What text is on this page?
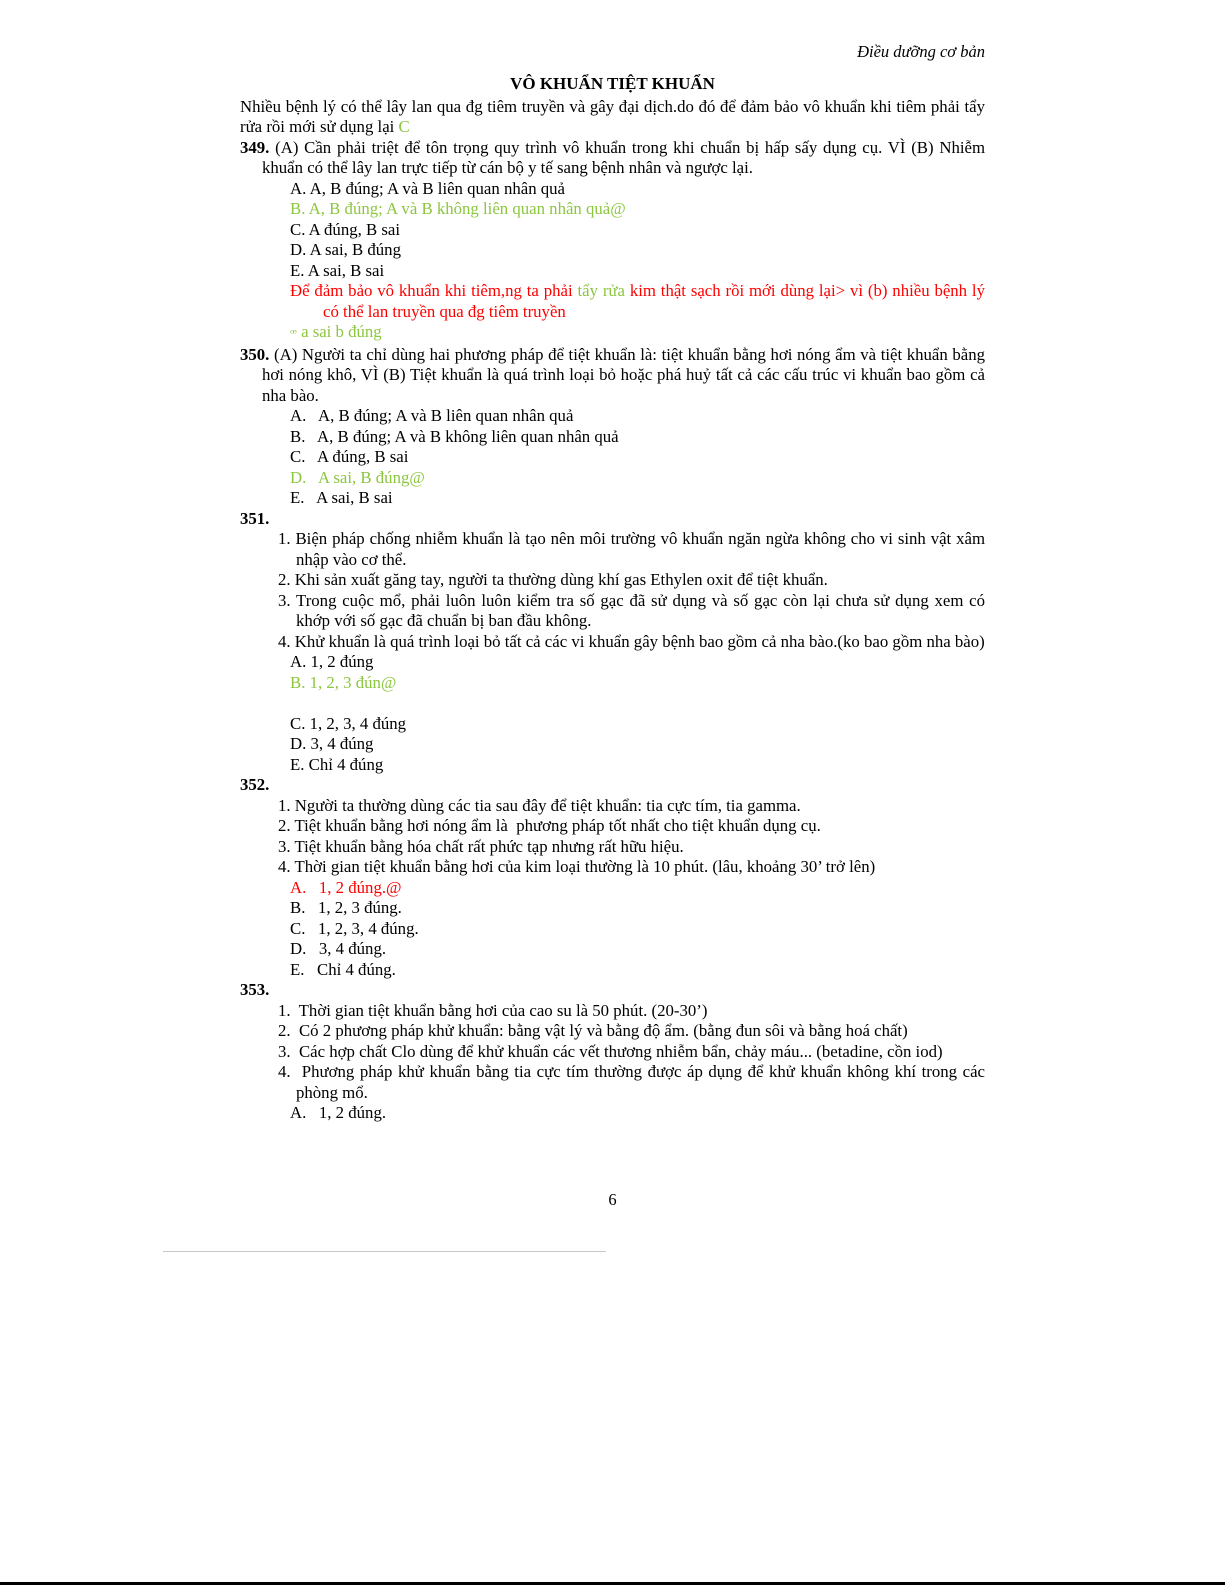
Điều dưỡng cơ bản

VÔ KHUẨN TIỆT KHUẨN

Nhiều bệnh lý có thể lây lan qua đg tiêm truyền và gây đại dịch.do đó để đảm bảo vô khuẩn khi tiêm phải tẩy rửa rồi mới sử dụng lại C

349. (A) Cần phải triệt để tôn trọng quy trình vô khuẩn trong khi chuẩn bị hấp sấy dụng cụ. VÌ (B) Nhiễm khuẩn có thể lây lan trực tiếp từ cán bộ y tế sang bệnh nhân và ngược lại.

A. A, B đúng; A và B liên quan nhân quả

B. A, B đúng; A và B không liên quan nhân quả@

C. A đúng, B sai

D. A sai, B đúng

E. A sai, B sai

Để đảm bảo vô khuẩn khi tiêm,ng ta phải tẩy rửa kim thật sạch rồi mới dùng lại> vì (b) nhiều bệnh lý có thể lan truyền qua đg tiêm truyền

ꟹ a sai b đúng

350. (A) Người ta chỉ dùng hai phương pháp để tiệt khuẩn là: tiệt khuẩn bằng hơi nóng ẩm và tiệt khuẩn bằng hơi nóng khô, VÌ (B) Tiệt khuẩn là quá trình loại bỏ hoặc phá huỷ tất cả các cấu trúc vi khuẩn bao gồm cả nha bào.

A.   A, B đúng; A và B liên quan nhân quả

B.   A, B đúng; A và B không liên quan nhân quả

C.   A đúng, B sai

D.   A sai, B đúng@

E.   A sai, B sai

351.

1. Biện pháp chống nhiễm khuẩn là tạo nên môi trường vô khuẩn ngăn ngừa không cho vi sinh vật xâm nhập vào cơ thể.

2. Khi sản xuất găng tay, người ta thường dùng khí gas Ethylen oxit để tiệt khuẩn.

3. Trong cuộc mổ, phải luôn luôn kiểm tra số gạc đã sử dụng và số gạc còn lại chưa sử dụng xem có khớp với số gạc đã chuẩn bị ban đầu không.

4. Khử khuẩn là quá trình loại bỏ tất cả các vi khuẩn gây bệnh bao gồm cả nha bào.(ko bao gồm nha bào)

A. 1, 2 đúng

B. 1, 2, 3 đún@

C. 1, 2, 3, 4 đúng

D. 3, 4 đúng

E. Chỉ 4 đúng

352.

1. Người ta thường dùng các tia sau đây để tiệt khuẩn: tia cực tím, tia gamma.

2. Tiệt khuẩn bằng hơi nóng ẩm là  phương pháp tốt nhất cho tiệt khuẩn dụng cụ.

3. Tiệt khuẩn bằng hóa chất rất phức tạp nhưng rất hữu hiệu.

4. Thời gian tiệt khuẩn bằng hơi của kim loại thường là 10 phút. (lâu, khoảng 30’ trở lên)

A.   1, 2 đúng.@

B.   1, 2, 3 đúng.

C.   1, 2, 3, 4 đúng.

D.   3, 4 đúng.

E.   Chỉ 4 đúng.

353.

1.  Thời gian tiệt khuẩn bằng hơi của cao su là 50 phút. (20-30’)

2.  Có 2 phương pháp khử khuẩn: bằng vật lý và bằng độ ẩm. (bằng đun sôi và bằng hoá chất)

3.  Các hợp chất Clo dùng để khử khuẩn các vết thương nhiễm bẩn, chảy máu... (betadine, cồn iod)

4.  Phương pháp khử khuẩn bằng tia cực tím thường được áp dụng để khử khuẩn không khí trong các phòng mổ.

A.   1, 2 đúng.

6
